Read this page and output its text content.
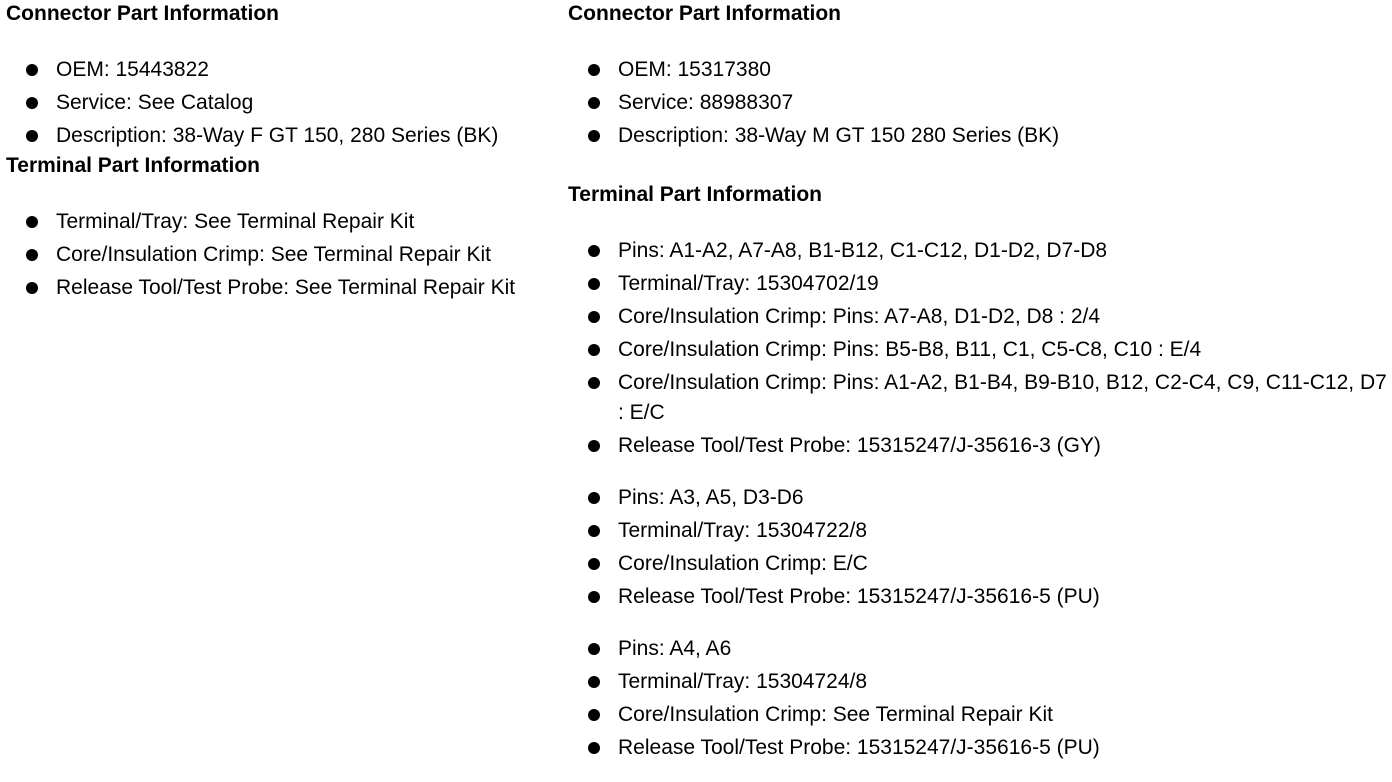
Connector Part Information
OEM: 15443822
Service: See Catalog
Description: 38-Way F GT 150, 280 Series (BK)
Terminal Part Information
Terminal/Tray: See Terminal Repair Kit
Core/Insulation Crimp: See Terminal Repair Kit
Release Tool/Test Probe: See Terminal Repair Kit
Connector Part Information
OEM: 15317380
Service: 88988307
Description: 38-Way M GT 150 280 Series (BK)
Terminal Part Information
Pins: A1-A2, A7-A8, B1-B12, C1-C12, D1-D2, D7-D8
Terminal/Tray: 15304702/19
Core/Insulation Crimp: Pins: A7-A8, D1-D2, D8 : 2/4
Core/Insulation Crimp: Pins: B5-B8, B11, C1, C5-C8, C10 : E/4
Core/Insulation Crimp: Pins: A1-A2, B1-B4, B9-B10, B12, C2-C4, C9, C11-C12, D7 : E/C
Release Tool/Test Probe: 15315247/J-35616-3 (GY)
Pins: A3, A5, D3-D6
Terminal/Tray: 15304722/8
Core/Insulation Crimp: E/C
Release Tool/Test Probe: 15315247/J-35616-5 (PU)
Pins: A4, A6
Terminal/Tray: 15304724/8
Core/Insulation Crimp: See Terminal Repair Kit
Release Tool/Test Probe: 15315247/J-35616-5 (PU)
